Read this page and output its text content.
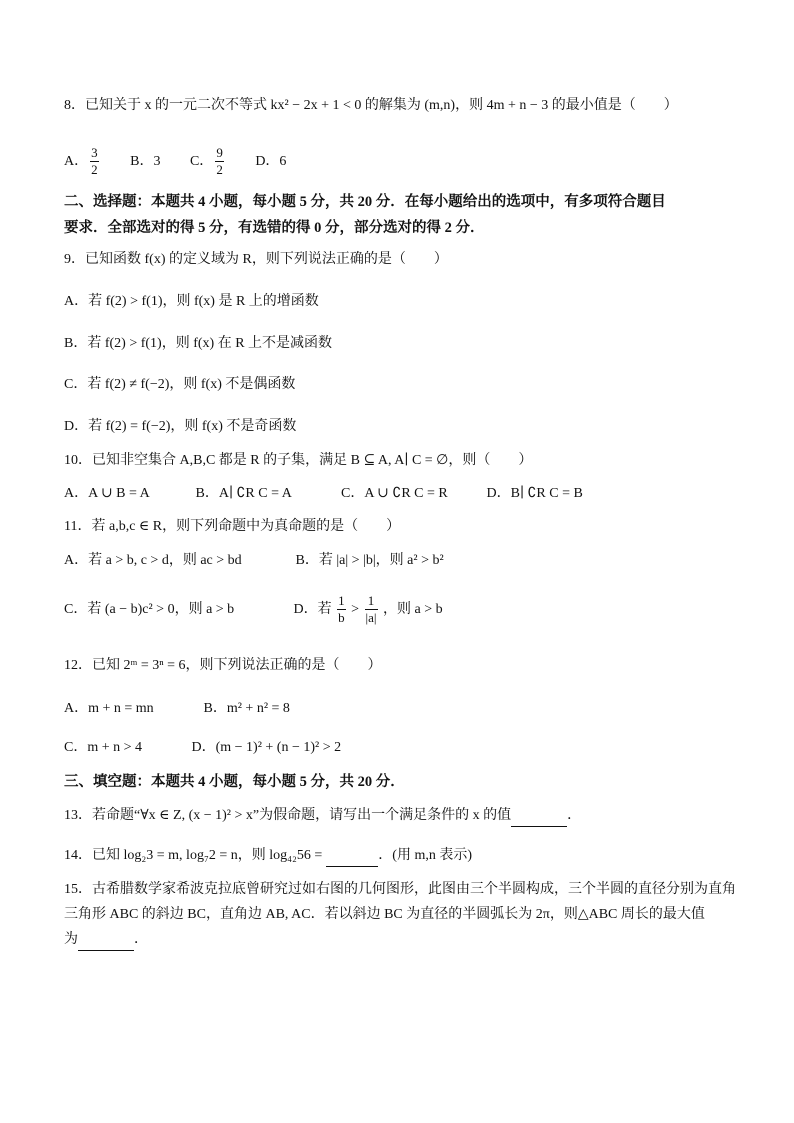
8．已知关于 x 的一元二次不等式 kx² − 2x + 1 < 0 的解集为 (m,n)，则 4m + n − 3 的最小值是（　　）
A． $\frac{3}{2}$ B．3 C． $\frac{9}{2}$ D．6
二、选择题：本题共 4 小题，每小题 5 分，共 20 分．在每小题给出的选项中，有多项符合题目
要求．全部选对的得 5 分，有选错的得 0 分，部分选对的得 2 分．
9．已知函数 f(x) 的定义域为 R，则下列说法正确的是（　　）
A．若 f(2) > f(1)，则 f(x) 是 R 上的增函数
B．若 f(2) > f(1)，则 f(x) 在 R 上不是减函数
C．若 f(2) ≠ f(−2)，则 f(x) 不是偶函数
D．若 f(2) = f(−2)，则 f(x) 不是奇函数
10．已知非空集合 A,B,C 都是 R 的子集，满足 B ⊆ A, A∣ C = ∅，则（　　）
A．A ∪ B = A	B．A∣ ∁R C = A	C．A ∪ ∁R C = R	D．B∣ ∁R C = B
11．若 a,b,c ∈ R，则下列命题中为真命题的是（　　）
A．若 a > b, c > d，则 ac > bd	B．若 |a| > |b|，则 a² > b²
C．若 (a − b)c² > 0，则 a > b	D．若 $\frac{1}{b} > \frac{1}{|a|}$ ，则 a > b
12．已知 2ᵐ = 3ⁿ = 6，则下列说法正确的是（　　）
A．m + n = mn	B．m² + n² = 8
C．m + n > 4	D．(m − 1)² + (n − 1)² > 2
三、填空题：本题共 4 小题，每小题 5 分，共 20 分．
13．若命题“∀x ∈ Z, (x − 1)² > x”为假命题，请写出一个满足条件的 x 的值	．
14．已知 log₂3 = m, log₇2 = n，则 log₄₂56 =	．(用 m,n 表示)
15．古希腊数学家希波克拉底曾研究过如右图的几何图形，此图由三个半圆构成，三个半圆的直径分别为直角
三角形 ABC 的斜边 BC，直角边 AB, AC．若以斜边 BC 为直径的半圆弧长为 2π，则△ABC 周长的最大值
为	．
